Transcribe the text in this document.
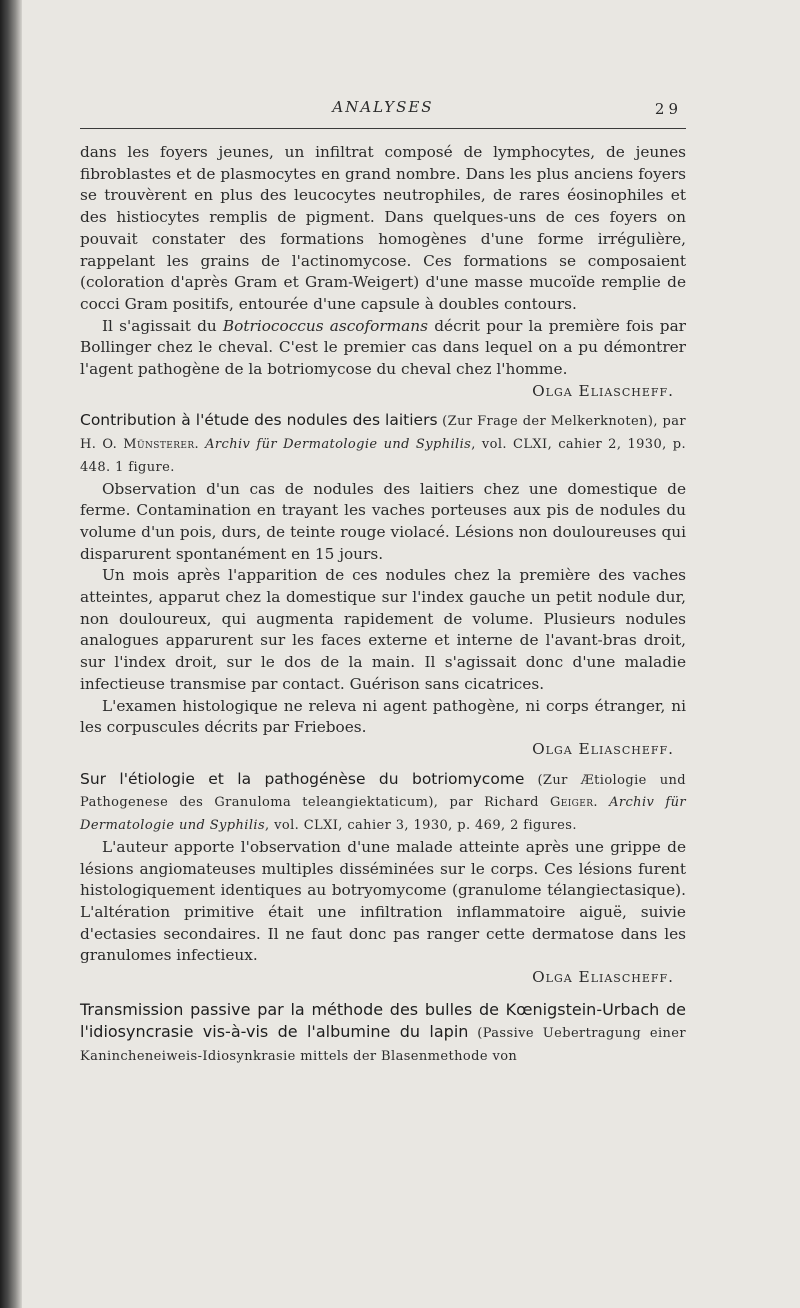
ANALYSES	29

dans les foyers jeunes, un infiltrat composé de lymphocytes, de jeunes fibroblastes et de plasmocytes en grand nombre. Dans les plus anciens foyers se trouvèrent en plus des leucocytes neutrophiles, de rares éosinophiles et des histiocytes remplis de pigment. Dans quelques-uns de ces foyers on pouvait constater des formations homogènes d'une forme irrégulière, rappelant les grains de l'actinomycose. Ces formations se composaient (coloration d'après Gram et Gram-Weigert) d'une masse mucoïde remplie de cocci Gram positifs, entourée d'une capsule à doubles contours.

Il s'agissait du Botriococcus ascoformans décrit pour la première fois par Bollinger chez le cheval. C'est le premier cas dans lequel on a pu démontrer l'agent pathogène de la botriomycose du cheval chez l'homme.

Olga Eliascheff.

Contribution à l'étude des nodules des laitiers (Zur Frage der Melkerknoten), par H. O. Münsterer. Archiv für Dermatologie und Syphilis, vol. CLXI, cahier 2, 1930, p. 448. 1 figure.

Observation d'un cas de nodules des laitiers chez une domestique de ferme. Contamination en trayant les vaches porteuses aux pis de nodules du volume d'un pois, durs, de teinte rouge violacé. Lésions non douloureuses qui disparurent spontanément en 15 jours.

Un mois après l'apparition de ces nodules chez la première des vaches atteintes, apparut chez la domestique sur l'index gauche un petit nodule dur, non douloureux, qui augmenta rapidement de volume. Plusieurs nodules analogues apparurent sur les faces externe et interne de l'avant-bras droit, sur l'index droit, sur le dos de la main. Il s'agissait donc d'une maladie infectieuse transmise par contact. Guérison sans cicatrices.

L'examen histologique ne releva ni agent pathogène, ni corps étranger, ni les corpuscules décrits par Frieboes.

Olga Eliascheff.

Sur l'étiologie et la pathogénèse du botriomycome (Zur Ætiologie und Pathogenese des Granuloma teleangiektaticum), par Richard Geiger. Archiv für Dermatologie und Syphilis, vol. CLXI, cahier 3, 1930, p. 469, 2 figures.

L'auteur apporte l'observation d'une malade atteinte après une grippe de lésions angiomateuses multiples disséminées sur le corps. Ces lésions furent histologiquement identiques au botryomycome (granulome télangiectasique). L'altération primitive était une infiltration inflammatoire aiguë, suivie d'ectasies secondaires. Il ne faut donc pas ranger cette dermatose dans les granulomes infectieux.

Olga Eliascheff.

Transmission passive par la méthode des bulles de Kœnigstein-Urbach de l'idiosyncrasie vis-à-vis de l'albumine du lapin (Passive Uebertragung einer Kanincheneiweis-Idiosynkrasie mittels der Blasenmethode von
